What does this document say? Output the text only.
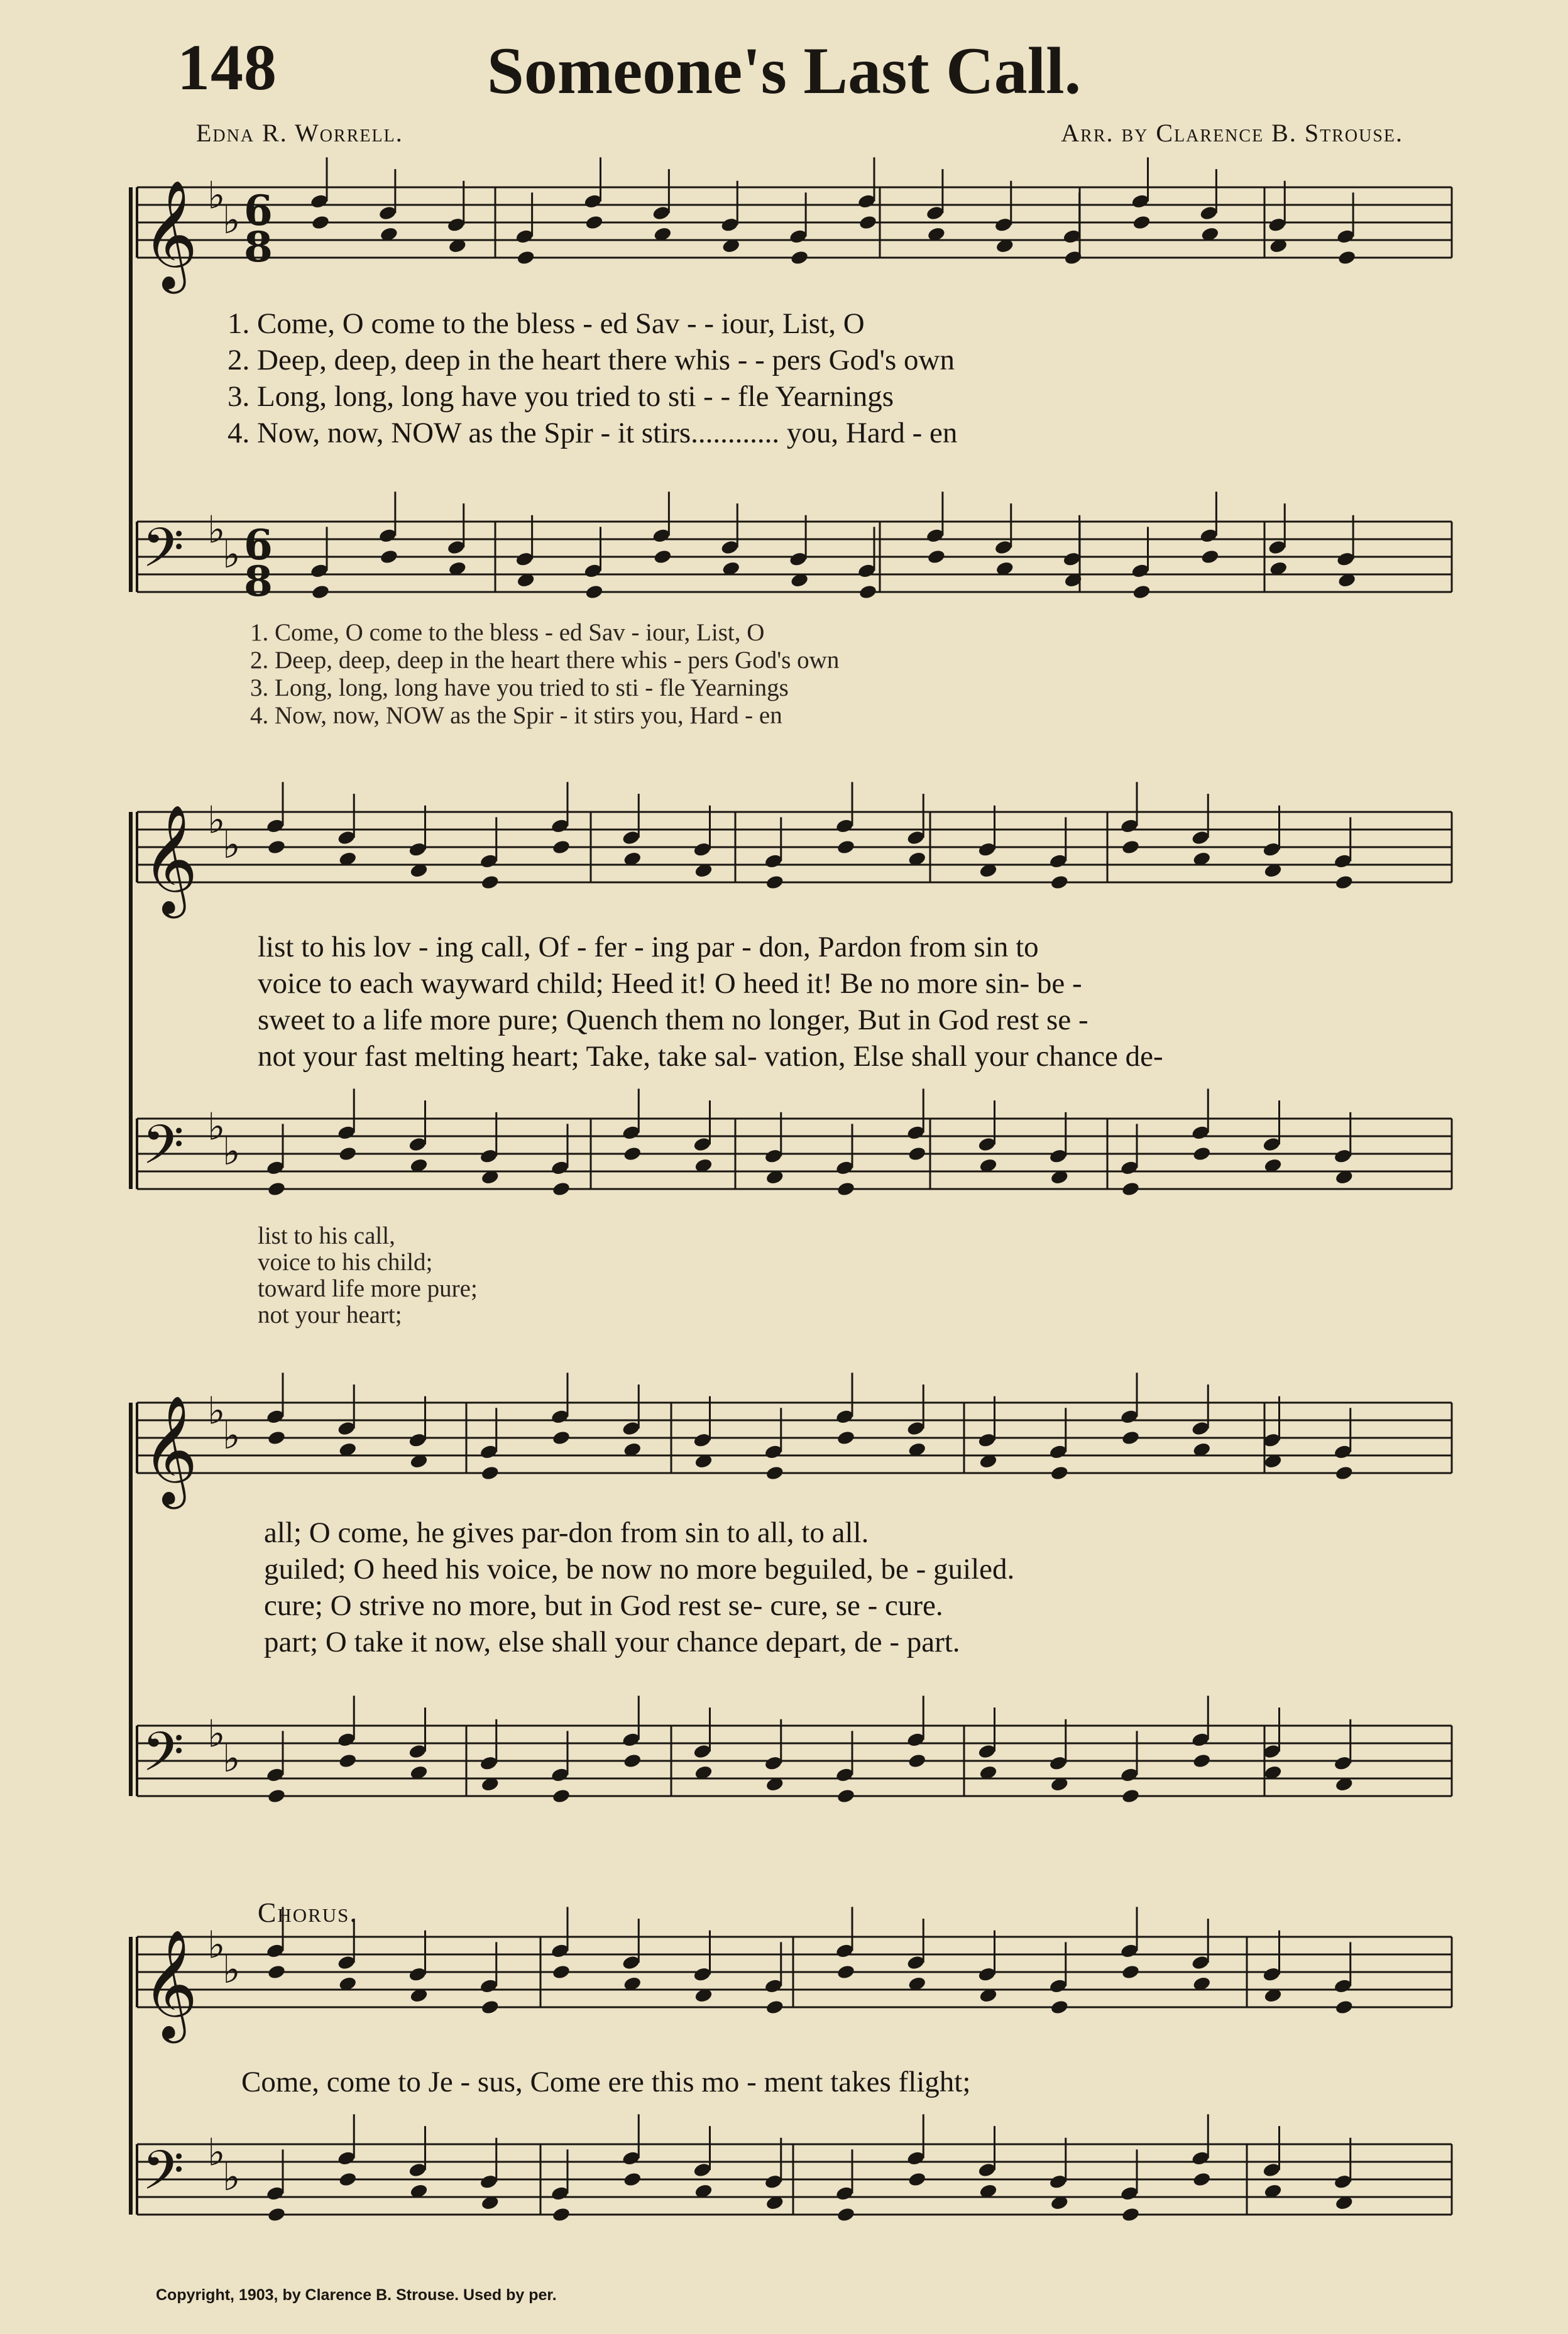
148	Someone's Last Call.
Edna R. Worrell.	Arr. by Clarence B. Strouse.
𝄞 ♭
♭ 6
8
𝄢 ♭
♭ 6
8
𝄞 ♭
♭
𝄢 ♭
♭
𝄞 ♭
♭
𝄢 ♭
♭
𝄞 ♭
♭
𝄢 ♭
♭
1. Come, O come to the bless - ed Sav - - iour, List, O
2. Deep, deep, deep in the heart there whis - - pers God's own
3. Long, long, long have you tried to sti - - fle Yearnings
4. Now, now, NOW as the Spir - it stirs............ you, Hard - en
1. Come, O come to the bless - ed Sav - iour, List, O
2. Deep, deep, deep in the heart there whis - pers God's own
3. Long, long, long have you tried to sti - fle Yearnings
4. Now, now, NOW as the Spir - it stirs you, Hard - en
list to his lov - ing call, Of - fer - ing par - don, Pardon from sin to
voice to each wayward child; Heed it! O heed it! Be no more sin- be -
sweet to a life more pure; Quench them no longer, But in God rest se -
not your fast melting heart; Take, take sal- vation, Else shall your chance de-
list to his call,
voice to his child;
toward life more pure;
not your heart;
all; O come, he gives par-don from sin to all, to all.
guiled; O heed his voice, be now no more beguiled, be - guiled.
cure; O strive no more, but in God rest se- cure, se - cure.
part; O take it now, else shall your chance depart, de - part.
Chorus.
Come, come to Je - sus, Come ere this mo - ment takes flight;
Copyright, 1903, by Clarence B. Strouse. Used by per.
